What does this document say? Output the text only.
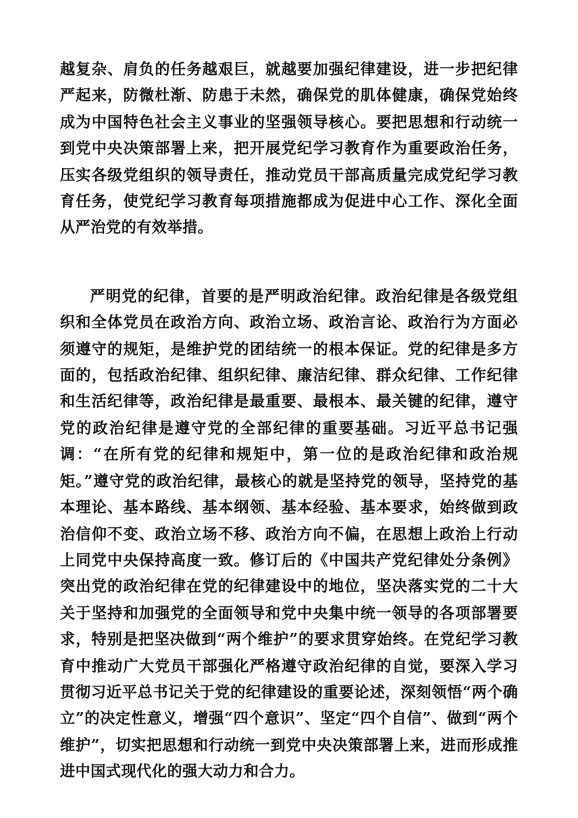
越复杂、肩负的任务越艰巨，就越要加强纪律建设，进一步把纪律严起来，防微杜渐、防患于未然，确保党的肌体健康，确保党始终成为中国特色社会主义事业的坚强领导核心。要把思想和行动统一到党中央决策部署上来，把开展党纪学习教育作为重要政治任务，压实各级党组织的领导责任，推动党员干部高质量完成党纪学习教育任务，使党纪学习教育每项措施都成为促进中心工作、深化全面从严治党的有效举措。

严明党的纪律，首要的是严明政治纪律。政治纪律是各级党组织和全体党员在政治方向、政治立场、政治言论、政治行为方面必须遵守的规矩，是维护党的团结统一的根本保证。党的纪律是多方面的，包括政治纪律、组织纪律、廉洁纪律、群众纪律、工作纪律和生活纪律等，政治纪律是最重要、最根本、最关键的纪律，遵守党的政治纪律是遵守党的全部纪律的重要基础。习近平总书记强调：“在所有党的纪律和规矩中，第一位的是政治纪律和政治规矩。”遵守党的政治纪律，最核心的就是坚持党的领导，坚持党的基本理论、基本路线、基本纲领、基本经验、基本要求，始终做到政治信仰不变、政治立场不移、政治方向不偏，在思想上政治上行动上同党中央保持高度一致。修订后的《中国共产党纪律处分条例》突出党的政治纪律在党的纪律建设中的地位，坚决落实党的二十大关于坚持和加强党的全面领导和党中央集中统一领导的各项部署要求，特别是把坚决做到“两个维护”的要求贯穿始终。在党纪学习教育中推动广大党员干部强化严格遵守政治纪律的自觉，要深入学习贯彻习近平总书记关于党的纪律建设的重要论述，深刻领悟“两个确立”的决定性意义，增强“四个意识”、坚定“四个自信”、做到“两个维护”，切实把思想和行动统一到党中央决策部署上来，进而形成推进中国式现代化的强大动力和合力。
